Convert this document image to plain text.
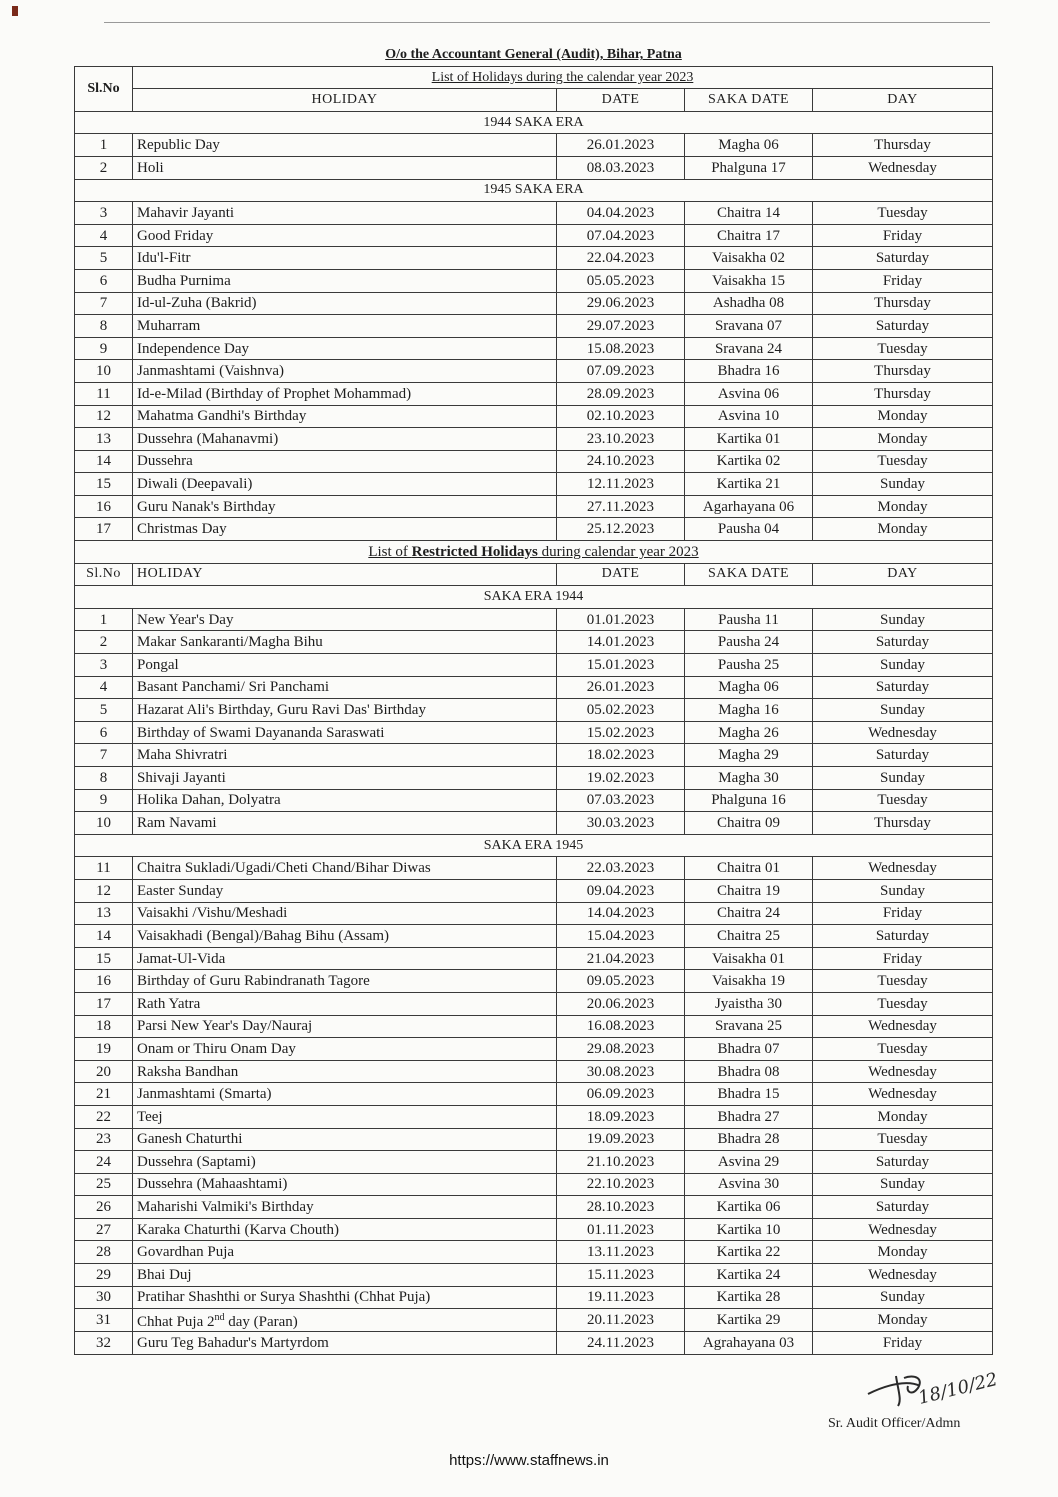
O/o the Accountant General (Audit), Bihar, Patna				
Sl.No	List of Holidays during the calendar year 2023			
	HOLIDAY	DATE	SAKA DATE	DAY
1944 SAKA ERA				
1	Republic Day	26.01.2023	Magha 06	Thursday
2	Holi	08.03.2023	Phalguna 17	Wednesday
1945 SAKA ERA				
3	Mahavir Jayanti	04.04.2023	Chaitra 14	Tuesday
4	Good Friday	07.04.2023	Chaitra 17	Friday
5	Idu'l-Fitr	22.04.2023	Vaisakha 02	Saturday
6	Budha Purnima	05.05.2023	Vaisakha 15	Friday
7	Id-ul-Zuha (Bakrid)	29.06.2023	Ashadha 08	Thursday
8	Muharram	29.07.2023	Sravana 07	Saturday
9	Independence Day	15.08.2023	Sravana 24	Tuesday
10	Janmashtami (Vaishnva)	07.09.2023	Bhadra 16	Thursday
11	Id-e-Milad (Birthday of Prophet Mohammad)	28.09.2023	Asvina 06	Thursday
12	Mahatma Gandhi's Birthday	02.10.2023	Asvina 10	Monday
13	Dussehra (Mahanavmi)	23.10.2023	Kartika 01	Monday
14	Dussehra	24.10.2023	Kartika 02	Tuesday
15	Diwali (Deepavali)	12.11.2023	Kartika 21	Sunday
16	Guru Nanak's Birthday	27.11.2023	Agarhayana 06	Monday
17	Christmas Day	25.12.2023	Pausha 04	Monday
List of Restricted Holidays during calendar year 2023				
Sl.No	HOLIDAY	DATE	SAKA DATE	DAY
SAKA ERA 1944				
1	New Year's Day	01.01.2023	Pausha 11	Sunday
2	Makar Sankaranti/Magha Bihu	14.01.2023	Pausha 24	Saturday
3	Pongal	15.01.2023	Pausha 25	Sunday
4	Basant Panchami/ Sri Panchami	26.01.2023	Magha 06	Saturday
5	Hazarat Ali's Birthday, Guru Ravi Das' Birthday	05.02.2023	Magha 16	Sunday
6	Birthday of Swami Dayananda Saraswati	15.02.2023	Magha 26	Wednesday
7	Maha Shivratri	18.02.2023	Magha 29	Saturday
8	Shivaji Jayanti	19.02.2023	Magha 30	Sunday
9	Holika Dahan, Dolyatra	07.03.2023	Phalguna 16	Tuesday
10	Ram Navami	30.03.2023	Chaitra 09	Thursday
SAKA ERA 1945				
11	Chaitra Sukladi/Ugadi/Cheti Chand/Bihar Diwas	22.03.2023	Chaitra 01	Wednesday
12	Easter Sunday	09.04.2023	Chaitra 19	Sunday
13	Vaisakhi /Vishu/Meshadi	14.04.2023	Chaitra 24	Friday
14	Vaisakhadi (Bengal)/Bahag Bihu (Assam)	15.04.2023	Chaitra 25	Saturday
15	Jamat-Ul-Vida	21.04.2023	Vaisakha 01	Friday
16	Birthday of Guru Rabindranath Tagore	09.05.2023	Vaisakha 19	Tuesday
17	Rath Yatra	20.06.2023	Jyaistha 30	Tuesday
18	Parsi New Year's Day/Nauraj	16.08.2023	Sravana 25	Wednesday
19	Onam or Thiru Onam Day	29.08.2023	Bhadra 07	Tuesday
20	Raksha Bandhan	30.08.2023	Bhadra 08	Wednesday
21	Janmashtami (Smarta)	06.09.2023	Bhadra 15	Wednesday
22	Teej	18.09.2023	Bhadra 27	Monday
23	Ganesh Chaturthi	19.09.2023	Bhadra 28	Tuesday
24	Dussehra (Saptami)	21.10.2023	Asvina 29	Saturday
25	Dussehra (Mahaashtami)	22.10.2023	Asvina 30	Sunday
26	Maharishi Valmiki's Birthday	28.10.2023	Kartika 06	Saturday
27	Karaka Chaturthi (Karva Chouth)	01.11.2023	Kartika 10	Wednesday
28	Govardhan Puja	13.11.2023	Kartika 22	Monday
29	Bhai Duj	15.11.2023	Kartika 24	Wednesday
30	Pratihar Shashthi or Surya Shashthi (Chhat Puja)	19.11.2023	Kartika 28	Sunday
31	Chhat Puja 2nd day (Paran)	20.11.2023	Kartika 29	Monday
32	Guru Teg Bahadur's Martyrdom	24.11.2023	Agrahayana 03	Friday
18/10/22
Sr. Audit Officer/Admn
https://www.staffnews.in
